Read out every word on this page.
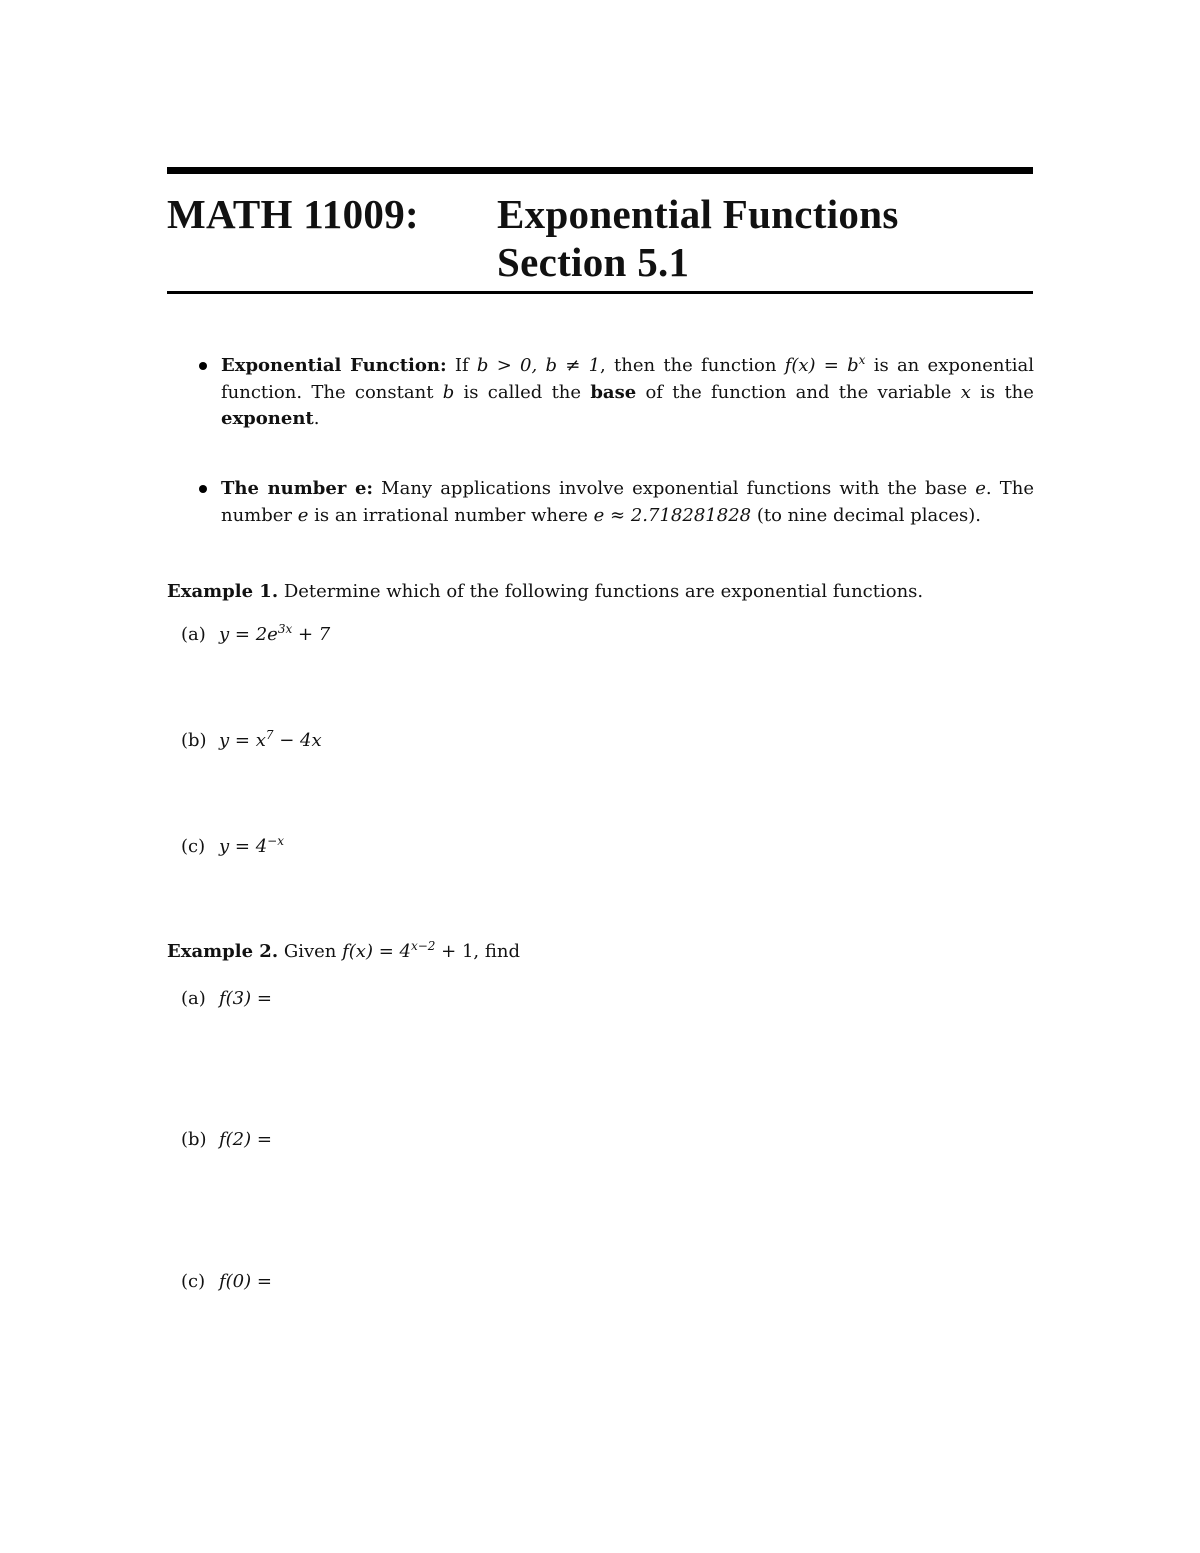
MATH 11009: Exponential Functions
Section 5.1
Exponential Function: If b > 0, b ≠ 1, then the function $f(x) = b^x$ is an exponential function. The constant b is called the base of the function and the variable x is the exponent.
The number e: Many applications involve exponential functions with the base e. The number e is an irrational number where e ≈ 2.718281828 (to nine decimal places).
Example 1. Determine which of the following functions are exponential functions.
(a) $y = 2e^{3x} + 7$
(b) $y = x^7 - 4x$
(c) $y = 4^{-x}$
Example 2. Given $f(x) = 4^{x-2} + 1$, find
(a) f(3) =
(b) f(2) =
(c) f(0) =
